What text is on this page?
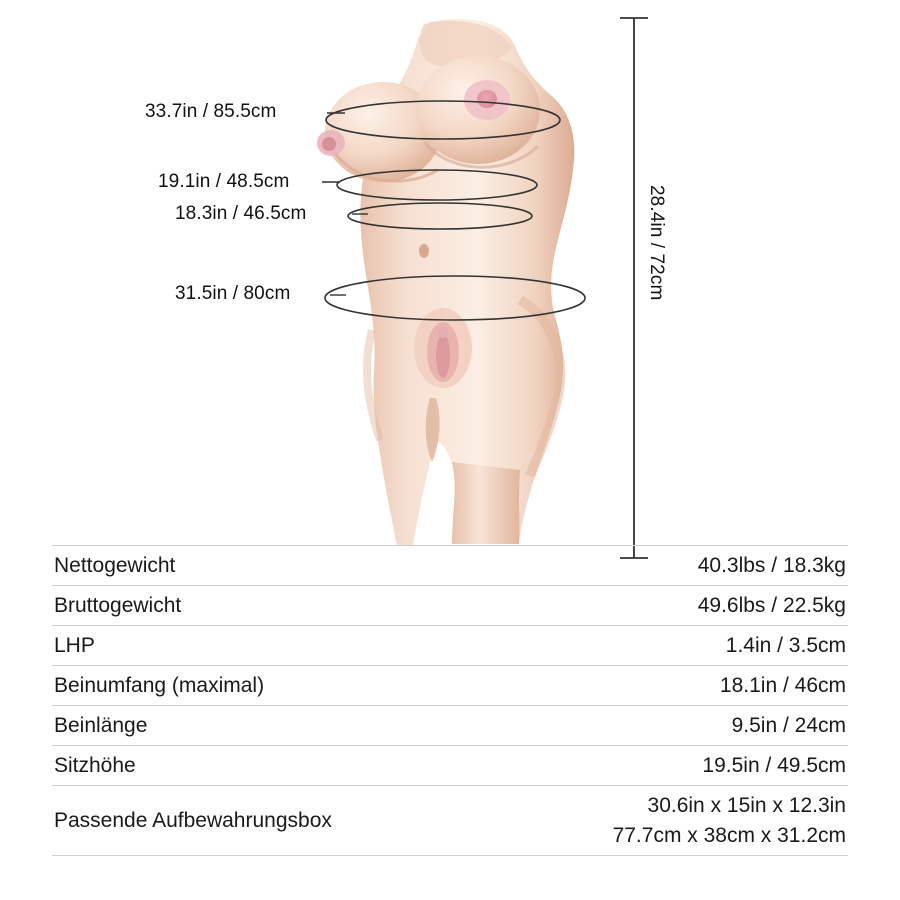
33.7in / 85.5cm
19.1in / 48.5cm
18.3in / 46.5cm
31.5in / 80cm	28.4in / 72cm
Nettogewicht	40.3lbs / 18.3kg
Bruttogewicht	49.6lbs / 22.5kg
LHP	1.4in / 3.5cm
Beinumfang (maximal)	18.1in / 46cm
Beinlänge	9.5in / 24cm
Sitzhöhe	19.5in / 49.5cm
Passende Aufbewahrungsbox	30.6in x 15in x 12.3in
77.7cm x 38cm x 31.2cm
